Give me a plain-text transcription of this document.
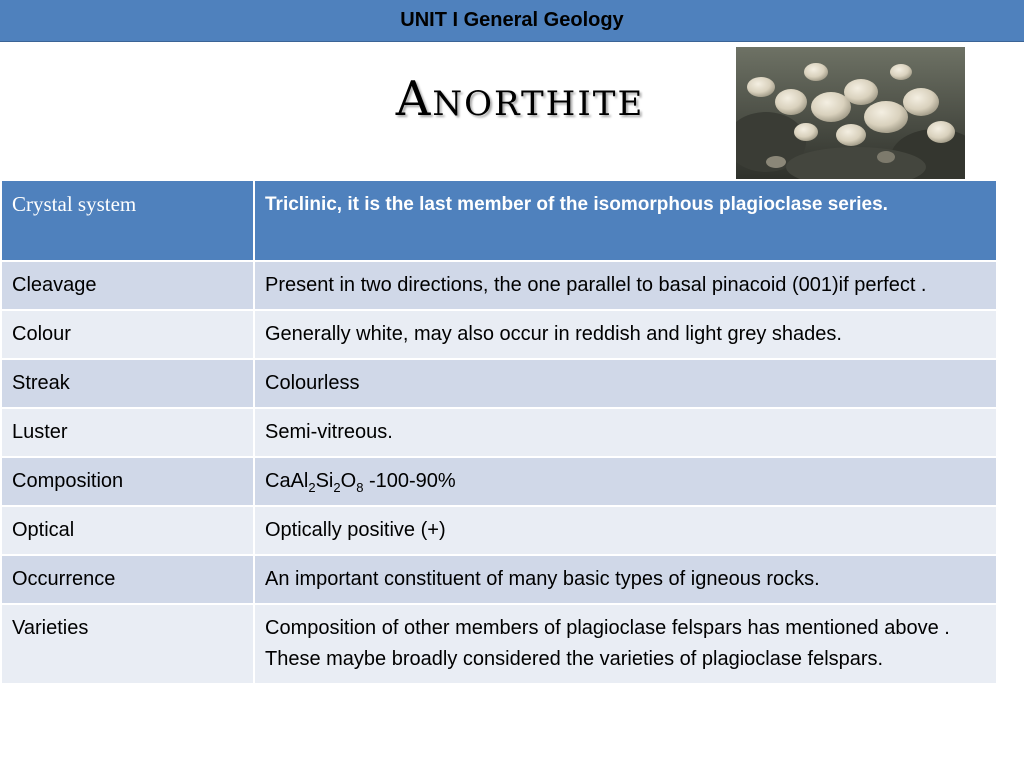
UNIT I General Geology
Anorthite
Crystal system	Triclinic, it is the last member of the isomorphous plagioclase series.
Cleavage	Present in two directions, the one parallel to basal pinacoid (001)if perfect .
Colour	Generally white, may also occur in reddish and light grey shades.
Streak	Colourless
Luster	Semi-vitreous.
Composition	$CaAl_2Si_2O_8$ -100-90%
Optical	Optically positive (+)
Occurrence	An important constituent of many basic types of igneous rocks.
Varieties	Composition of other members of plagioclase felspars has mentioned above . These maybe broadly considered the varieties of plagioclase felspars.
